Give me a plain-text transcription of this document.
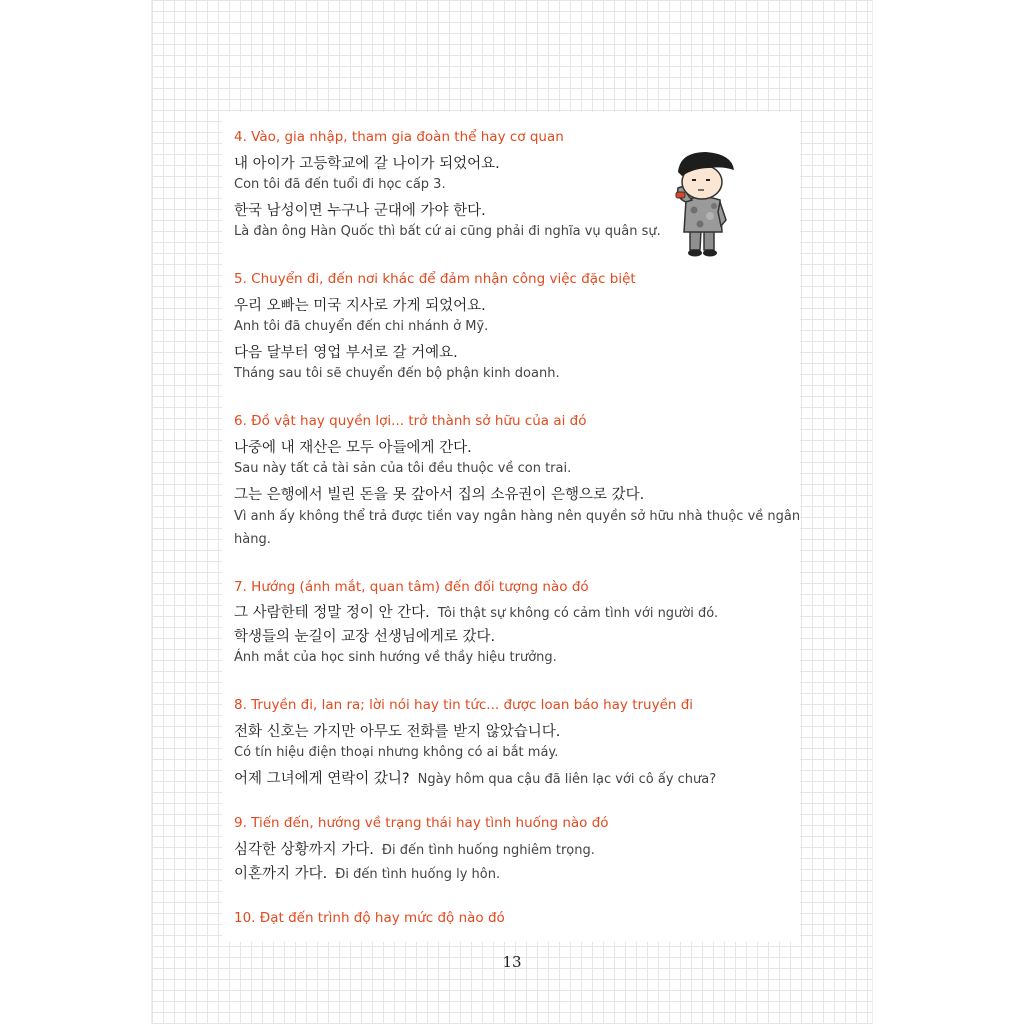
4. Vào, gia nhập, tham gia đoàn thể hay cơ quan
내 아이가 고등학교에 갈 나이가 되었어요.
Con tôi đã đến tuổi đi học cấp 3.
한국 남성이면 누구나 군대에 가야 한다.
Là đàn ông Hàn Quốc thì bất cứ ai cũng phải đi nghĩa vụ quân sự.
5. Chuyển đi, đến nơi khác để đảm nhận công việc đặc biệt
우리 오빠는 미국 지사로 가게 되었어요.
Anh tôi đã chuyển đến chi nhánh ở Mỹ.
다음 달부터 영업 부서로 갈 거예요.
Tháng sau tôi sẽ chuyển đến bộ phận kinh doanh.
6. Đồ vật hay quyền lợi... trở thành sở hữu của ai đó
나중에 내 재산은 모두 아들에게 간다.
Sau này tất cả tài sản của tôi đều thuộc về con trai.
그는 은행에서 빌린 돈을 못 갚아서 집의 소유권이 은행으로 갔다.
Vì anh ấy không thể trả được tiền vay ngân hàng nên quyền sở hữu nhà thuộc về ngân
hàng.
7. Hướng (ánh mắt, quan tâm) đến đối tượng nào đó
그 사람한테 정말 정이 안 간다. Tôi thật sự không có cảm tình với người đó.
학생들의 눈길이 교장 선생님에게로 갔다.
Ánh mắt của học sinh hướng về thầy hiệu trưởng.
8. Truyền đi, lan ra; lời nói hay tin tức... được loan báo hay truyền đi
전화 신호는 가지만 아무도 전화를 받지 않았습니다.
Có tín hiệu điện thoại nhưng không có ai bắt máy.
어제 그녀에게 연락이 갔니? Ngày hôm qua cậu đã liên lạc với cô ấy chưa?
9. Tiến đến, hướng về trạng thái hay tình huống nào đó
심각한 상황까지 가다. Đi đến tình huống nghiêm trọng.
이혼까지 가다. Đi đến tình huống ly hôn.
10. Đạt đến trình độ hay mức độ nào đó
13
